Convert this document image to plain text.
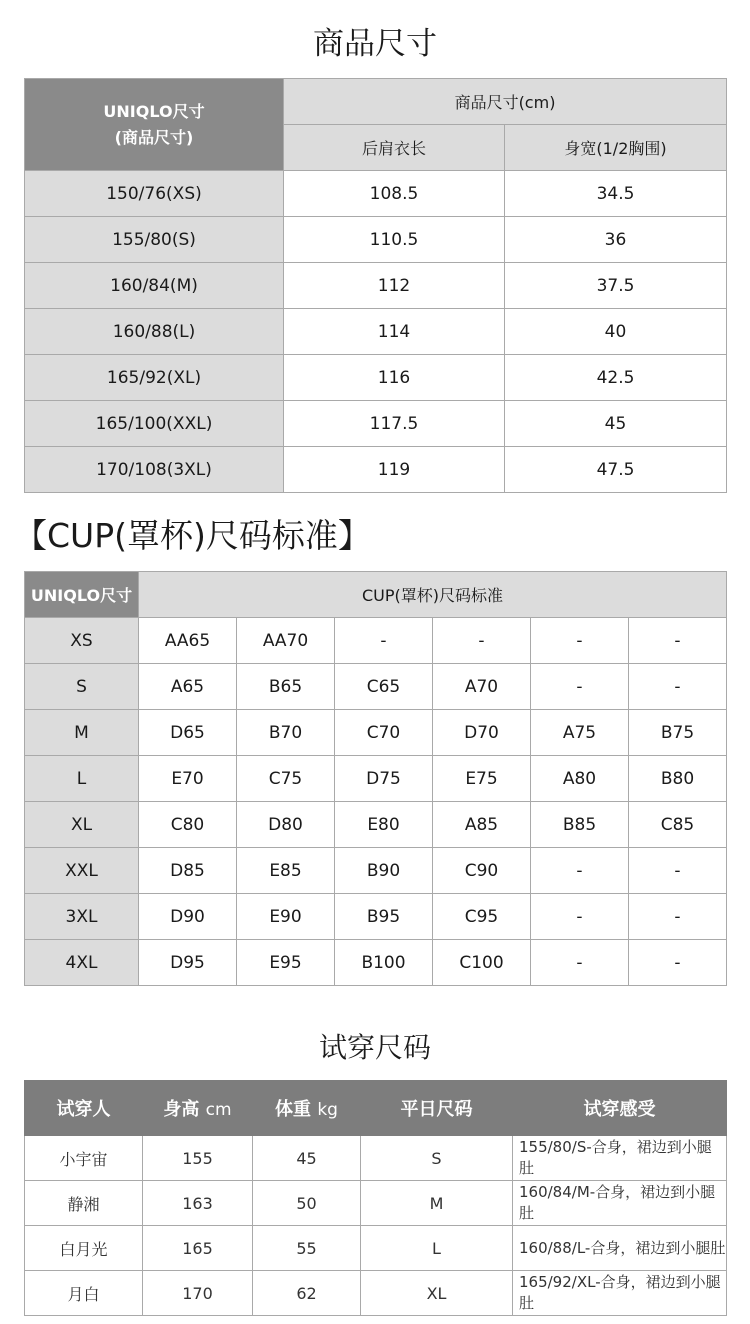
商品尺寸
UNIQLO尺寸
(商品尺寸)	商品尺寸(cm)	
	后肩衣长	身宽(1/2胸围)
150/76(XS)	108.5	34.5
155/80(S)	110.5	36
160/84(M)	112	37.5
160/88(L)	114	40
165/92(XL)	116	42.5
165/100(XXL)	117.5	45
170/108(3XL)	119	47.5
【CUP(罩杯)尺码标准】
UNIQLO尺寸	CUP(罩杯)尺码标准					
XS	AA65	AA70	-	-	-	-
S	A65	B65	C65	A70	-	-
M	D65	B70	C70	D70	A75	B75
L	E70	C75	D75	E75	A80	B80
XL	C80	D80	E80	A85	B85	C85
XXL	D85	E85	B90	C90	-	-
3XL	D90	E90	B95	C95	-	-
4XL	D95	E95	B100	C100	-	-
试穿尺码
试穿人	身高 cm	体重 kg	平日尺码	试穿感受
小宇宙	155	45	S	155/80/S-合身，裙边到小腿肚
静湘	163	50	M	160/84/M-合身，裙边到小腿肚
白月光	165	55	L	160/88/L-合身，裙边到小腿肚
月白	170	62	XL	165/92/XL-合身，裙边到小腿肚
